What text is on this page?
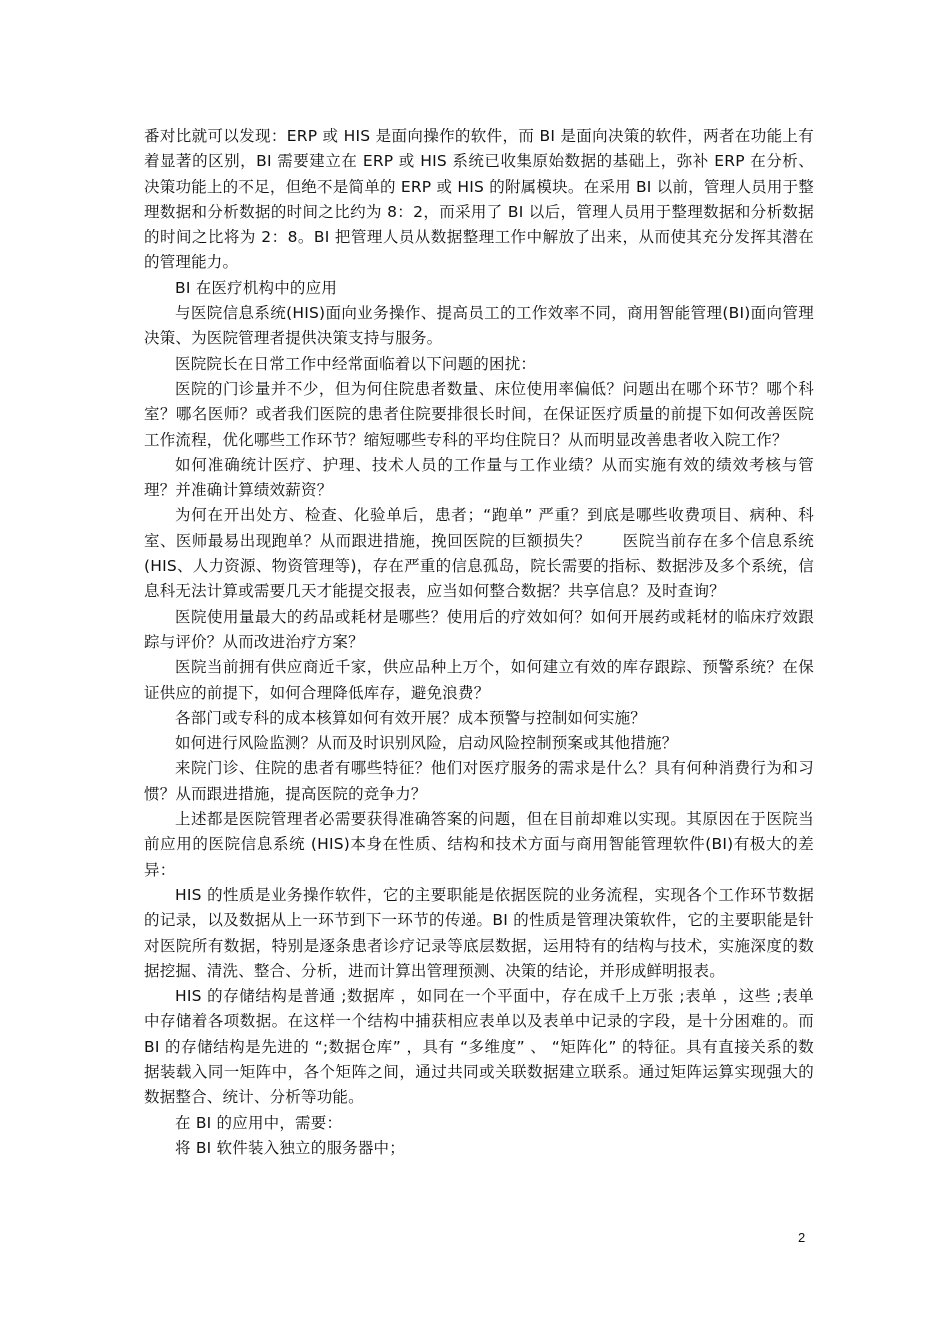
番对比就可以发现：ERP 或 HIS 是面向操作的软件，而 BI 是面向决策的软件，两者在功能上有着显著的区别，BI 需要建立在 ERP 或 HIS 系统已收集原始数据的基础上，弥补 ERP 在分析、决策功能上的不足，但绝不是简单的 ERP 或 HIS 的附属模块。在采用 BI 以前，管理人员用于整理数据和分析数据的时间之比约为 8：2，而采用了 BI 以后，管理人员用于整理数据和分析数据的时间之比将为 2：8。BI 把管理人员从数据整理工作中解放了出来，从而使其充分发挥其潜在的管理能力。

BI 在医疗机构中的应用

与医院信息系统(HIS)面向业务操作、提高员工的工作效率不同，商用智能管理(BI)面向管理决策、为医院管理者提供决策支持与服务。

医院院长在日常工作中经常面临着以下问题的困扰：

医院的门诊量并不少，但为何住院患者数量、床位使用率偏低？问题出在哪个环节？哪个科室？哪名医师？或者我们医院的患者住院要排很长时间，在保证医疗质量的前提下如何改善医院工作流程，优化哪些工作环节？缩短哪些专科的平均住院日？从而明显改善患者收入院工作？

如何准确统计医疗、护理、技术人员的工作量与工作业绩？从而实施有效的绩效考核与管理？并准确计算绩效薪资？

为何在开出处方、检查、化验单后，患者；“跑单” 严重？到底是哪些收费项目、病种、科室、医师最易出现跑单？从而跟进措施，挽回医院的巨额损失？　　医院当前存在多个信息系统(HIS、人力资源、物资管理等)，存在严重的信息孤岛，院长需要的指标、数据涉及多个系统，信息科无法计算或需要几天才能提交报表，应当如何整合数据？共享信息？及时查询？

医院使用量最大的药品或耗材是哪些？使用后的疗效如何？如何开展药或耗材的临床疗效跟踪与评价？从而改进治疗方案？

医院当前拥有供应商近千家，供应品种上万个，如何建立有效的库存跟踪、预警系统？在保证供应的前提下，如何合理降低库存，避免浪费？

各部门或专科的成本核算如何有效开展？成本预警与控制如何实施？

如何进行风险监测？从而及时识别风险，启动风险控制预案或其他措施？

来院门诊、住院的患者有哪些特征？他们对医疗服务的需求是什么？具有何种消费行为和习惯？从而跟进措施，提高医院的竞争力？

上述都是医院管理者必需要获得准确答案的问题，但在目前却难以实现。其原因在于医院当前应用的医院信息系统 (HIS)本身在性质、结构和技术方面与商用智能管理软件(BI)有极大的差异：

HIS 的性质是业务操作软件，它的主要职能是依据医院的业务流程，实现各个工作环节数据的记录，以及数据从上一环节到下一环节的传递。BI 的性质是管理决策软件，它的主要职能是针对医院所有数据，特别是逐条患者诊疗记录等底层数据，运用特有的结构与技术，实施深度的数据挖掘、清洗、整合、分析，进而计算出管理预测、决策的结论，并形成鲜明报表。

HIS 的存储结构是普通 ;数据库 ，如同在一个平面中，存在成千上万张 ;表单 ，这些 ;表单 中存储着各项数据。在这样一个结构中捕获相应表单以及表单中记录的字段，是十分困难的。而 BI 的存储结构是先进的 “;数据仓库” ，具有 “多维度” 、 “矩阵化” 的特征。具有直接关系的数据装载入同一矩阵中，各个矩阵之间，通过共同或关联数据建立联系。通过矩阵运算实现强大的数据整合、统计、分析等功能。

在 BI 的应用中，需要：

将 BI 软件装入独立的服务器中；

2
